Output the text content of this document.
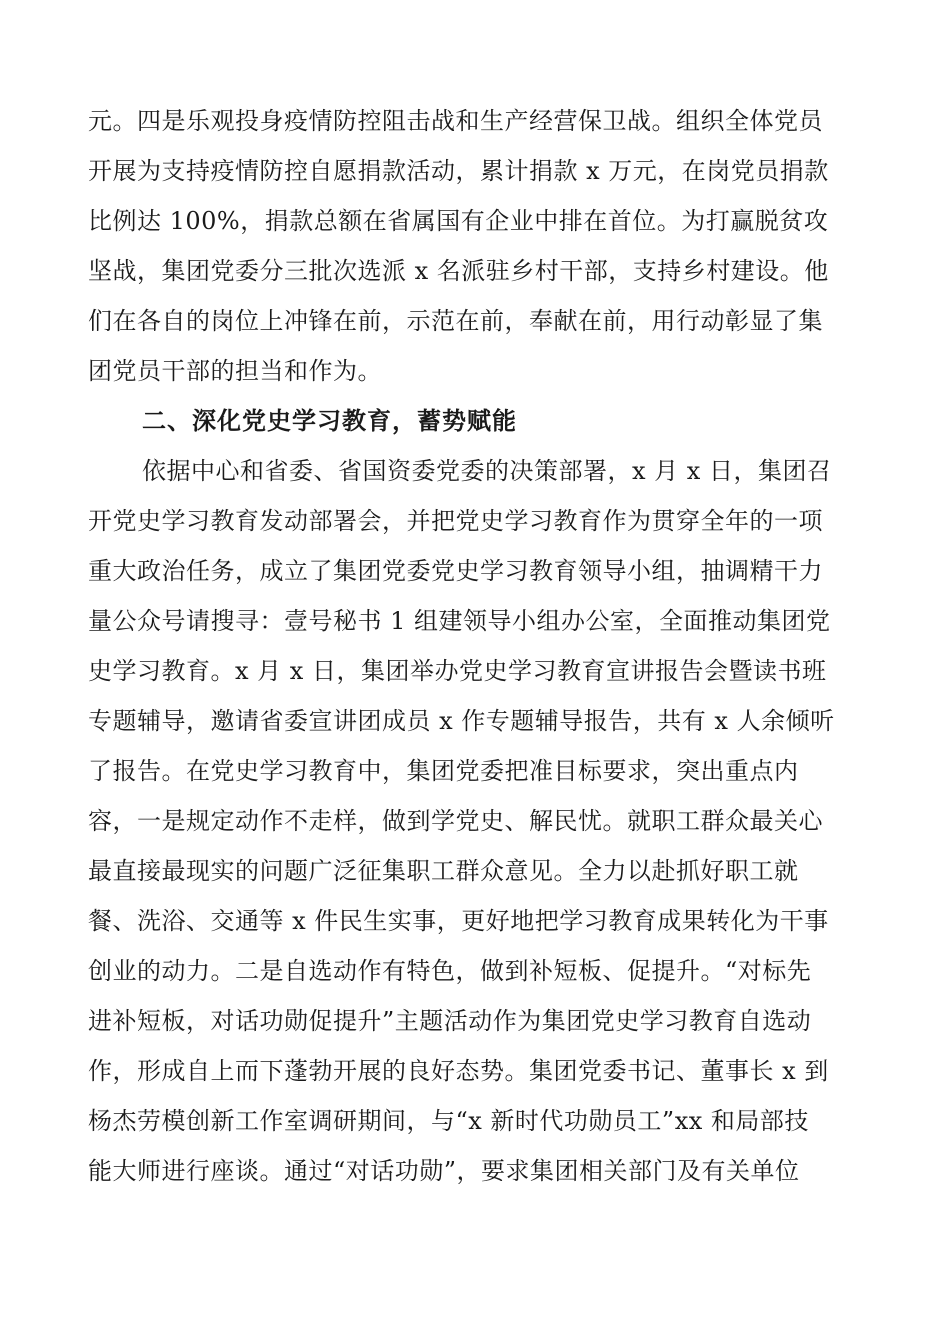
元。四是乐观投身疫情防控阻击战和生产经营保卫战。组织全体党员
开展为支持疫情防控自愿捐款活动，累计捐款 x 万元，在岗党员捐款
比例达 100%，捐款总额在省属国有企业中排在首位。为打赢脱贫攻
坚战，集团党委分三批次选派 x 名派驻乡村干部，支持乡村建设。他
们在各自的岗位上冲锋在前，示范在前，奉献在前，用行动彰显了集
团党员干部的担当和作为。
二、深化党史学习教育，蓄势赋能
依据中心和省委、省国资委党委的决策部署，x 月 x 日，集团召
开党史学习教育发动部署会，并把党史学习教育作为贯穿全年的一项
重大政治任务，成立了集团党委党史学习教育领导小组，抽调精干力
量公众号请搜寻：壹号秘书 1 组建领导小组办公室，全面推动集团党
史学习教育。x 月 x 日，集团举办党史学习教育宣讲报告会暨读书班
专题辅导，邀请省委宣讲团成员 x 作专题辅导报告，共有 x 人余倾听
了报告。在党史学习教育中，集团党委把准目标要求，突出重点内
容，一是规定动作不走样，做到学党史、解民忧。就职工群众最关心
最直接最现实的问题广泛征集职工群众意见。全力以赴抓好职工就
餐、洗浴、交通等 x 件民生实事，更好地把学习教育成果转化为干事
创业的动力。二是自选动作有特色，做到补短板、促提升。“对标先
进补短板，对话功勋促提升”主题活动作为集团党史学习教育自选动
作，形成自上而下蓬勃开展的良好态势。集团党委书记、董事长 x 到
杨杰劳模创新工作室调研期间，与“x 新时代功勋员工”xx 和局部技
能大师进行座谈。通过“对话功勋”，要求集团相关部门及有关单位
